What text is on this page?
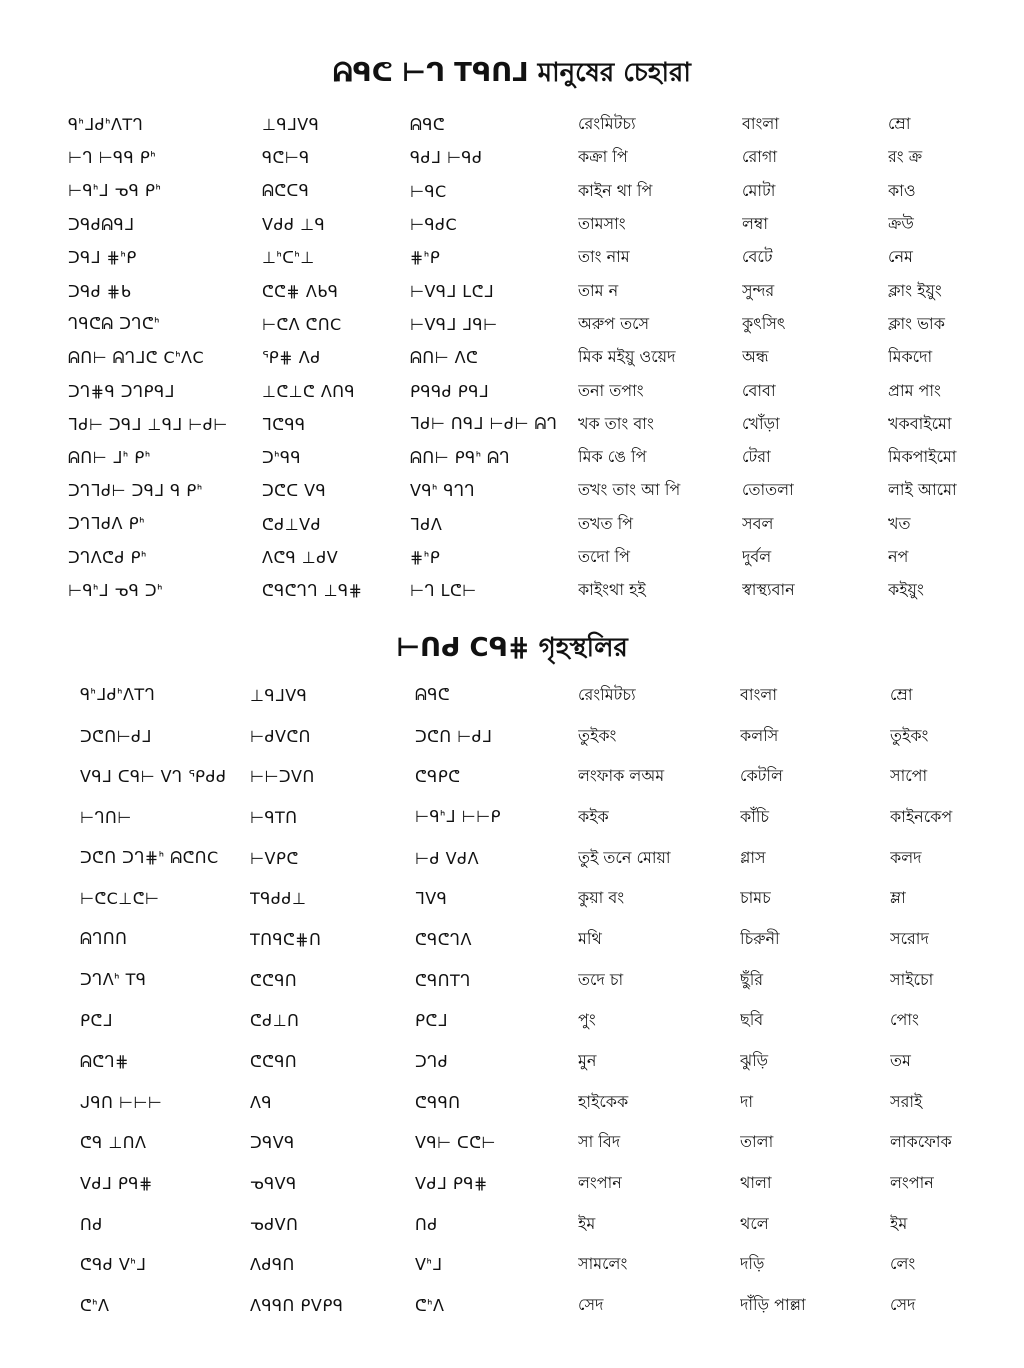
ᕱᑫᕦ ⊢ᒉ Tᑫᑎᒧ মানুষের চেহারা
ᑫᑋᒧᑯᑋᐱTᒉ	⊥ᑫᒧᐯᑫ	ᕱᑫᕦ	রেংমিটচ্য	বাংলা	ম্রো
⊢ᒉ ⊢ᑫᑫ ᑭᑋ	ᑫᕦ⊢ᑫ	ᑫᑯᒧ ⊢ᑫᑯ	কক্রা পি	রোগা	রং ক্র
⊢ᑫᑋᒧ ᓀᑫ ᑭᑋ	ᕱᕦᑕᑫ	⊢ᑫC	কাইন থা পি	মোটা	কাও
ᑐᑫᑯᕱᑫᒧ	ᐯᑯᑯ ⊥ᑫ	⊢ᑫᑯC	তামসাং	লম্বা	ক্রউ
ᑐᑫᒧ ⋕ᑋᑭ	⊥ᑋᑕᑋ⊥	⋕ᑋᑭ	তাং নাম	বেটে	নেম
ᑐᑫᑯ ⋕ᑲ	ᕦᕦ⋕ ᐱᑲᑫ	⊢ᐯᑫᒧ ᒪᕦᒧ	তাম ন	সুন্দর	ক্লাং ইয়ুং
ᒉᑫᕦᕱ ᑐᒉᕦᑋ	⊢ᕦᐱ ᕦᑎC	⊢ᐯᑫᒧ ᒧᑫ⊢	অরুপ তসে	কুৎসিৎ	ক্লাং ভাক
ᕱᑎ⊢ ᕱᒉᒧᕦ CᑋᐱC	ᕿ⋕ ᐱᑯ	ᕱᑎ⊢ ᐱᕦ	মিক মইয়ু ওয়েদ	অন্ধ	মিকদো
ᑐᒉ⋕ᑫ ᑐᒉᑭᑫᒧ	⊥ᕦ⊥ᕦ ᐱᑎᑫ	ᑭᑫᑫᑯ ᑭᑫᒧ	তনা তপাং	বোবা	প্রাম পাং
ᒣᑯ⊢ ᑐᑫᒧ ⊥ᑫᒧ ⊢ᑯ⊢	ᒣᕦᑫᑫ	ᒣᑯ⊢ ᑎᑫᒧ ⊢ᑯ⊢ ᕱᒉ	খক তাং বাং	খোঁড়া	খকবাইমো
ᕱᑎ⊢ ᒧᑋ ᑭᑋ	ᑐᑋᑫᑫ	ᕱᑎ⊢ ᑭᑫᑋ ᕱᒉ	মিক ঙে পি	টেরা	মিকপাইমো
ᑐᒉᒣᑯ⊢ ᑐᑫᒧ ᑫ ᑭᑋ	ᑐᕦᑕ ᐯᑫ	ᐯᑫᑋ ᑫᒉᒉ	তখং তাং আ পি	তোতলা	লাই আমো
ᑐᒉᒣᑯᐱ ᑭᑋ	ᕦᑯ⊥ᐯᑯ	ᒣᑯᐱ	তখত পি	সবল	খত
ᑐᒉᐱᕦᑯ ᑭᑋ	ᐱᕦᑫ ⊥ᑯᐯ	⋕ᑋᑭ	তদো পি	দুর্বল	নপ
⊢ᑫᑋᒧ ᓀᑫ ᑐᑋ	ᕦᑫᕦᒉᒉ ⊥ᑫ⋕	⊢ᒉ ᒪᕦ⊢	কাইংথা হই	স্বাস্থ্যবান	কইয়ুং
⊢ᑎᑯ Cᑫ⋕ গৃহস্থলির
ᑫᑋᒧᑯᑋᐱTᒉ	⊥ᑫᒧᐯᑫ	ᕱᑫᕦ	রেংমিটচ্য	বাংলা	ম্রো
ᑐᕦᑎ⊢ᑯᒧ	⊢ᑯᐯᕦᑎ	ᑐᕦᑎ ⊢ᑯᒧ	তুইকং	কলসি	তুইকং
ᐯᑫᒧ ᑕᑫ⊢ ᐯᒉ ᕿᑯᑯ	⊢⊢ᑐᐯᑎ	ᕦᑫᑭᕦ	লংফাক লঅম	কেটলি	সাপো
⊢ᒉᑎ⊢	⊢ᑫTᑎ	⊢ᑫᑋᒧ ⊢⊢ᑭ	কইক	কাঁচি	কাইনকেপ
ᑐᕦᑎ ᑐᒉ⋕ᑋ ᕱᕦᑎC	⊢ᐯᑭᕦ	⊢ᑯ ᐯᑯᐱ	তুই তনে মোয়া	গ্লাস	কলদ
⊢ᕦC⊥ᕦ⊢	Tᑫᑯᑯ⊥	ᒣᐯᑫ	কুয়া বং	চামচ	ম্লা
ᕱᒉᑎᑎ	Tᑎᑫᕦ⋕ᑎ	ᕦᑫᕦᒉᐱ	মথি	চিরুনী	সরোদ
ᑐᒉᐱᑋ Tᑫ	ᕦᕦᑫᑎ	ᕦᑫᑎTᒉ	তদে চা	ছুঁরি	সাইচো
ᑭᕦᒧ	ᕦᑯ⊥ᑎ	ᑭᕦᒧ	পুং	ছবি	পোং
ᕱᕦᒉ⋕	ᕦᕦᑫᑎ	ᑐᒉᑯ	মুন	ঝুড়ি	তম
ᒍᑫᑎ ⊢⊢⊢	ᐱᑫ	ᕦᑫᑫᑎ	হাইকেক	দা	সরাই
ᕦᑫ ⊥ᑎᐱ	ᑐᑫᐯᑫ	ᐯᑫ⊢ ᑕᕦ⊢	সা বিদ	তালা	লাকফোক
ᐯᑯᒧ ᑭᑫ⋕	ᓀᑫᐯᑫ	ᐯᑯᒧ ᑭᑫ⋕	লংপান	থালা	লংপান
ᑎᑯ	ᓀᑯᐯᑎ	ᑎᑯ	ইম	থলে	ইম
ᕦᑫᑯ ᐯᑋᒧ	ᐱᑯᑫᑎ	ᐯᑋᒧ	সামলেং	দড়ি	লেং
ᕦᑋᐱ	ᐱᑫᑫᑎ ᑭᐯᑭᑫ	ᕦᑋᐱ	সেদ	দাঁড়ি পাল্লা	সেদ
